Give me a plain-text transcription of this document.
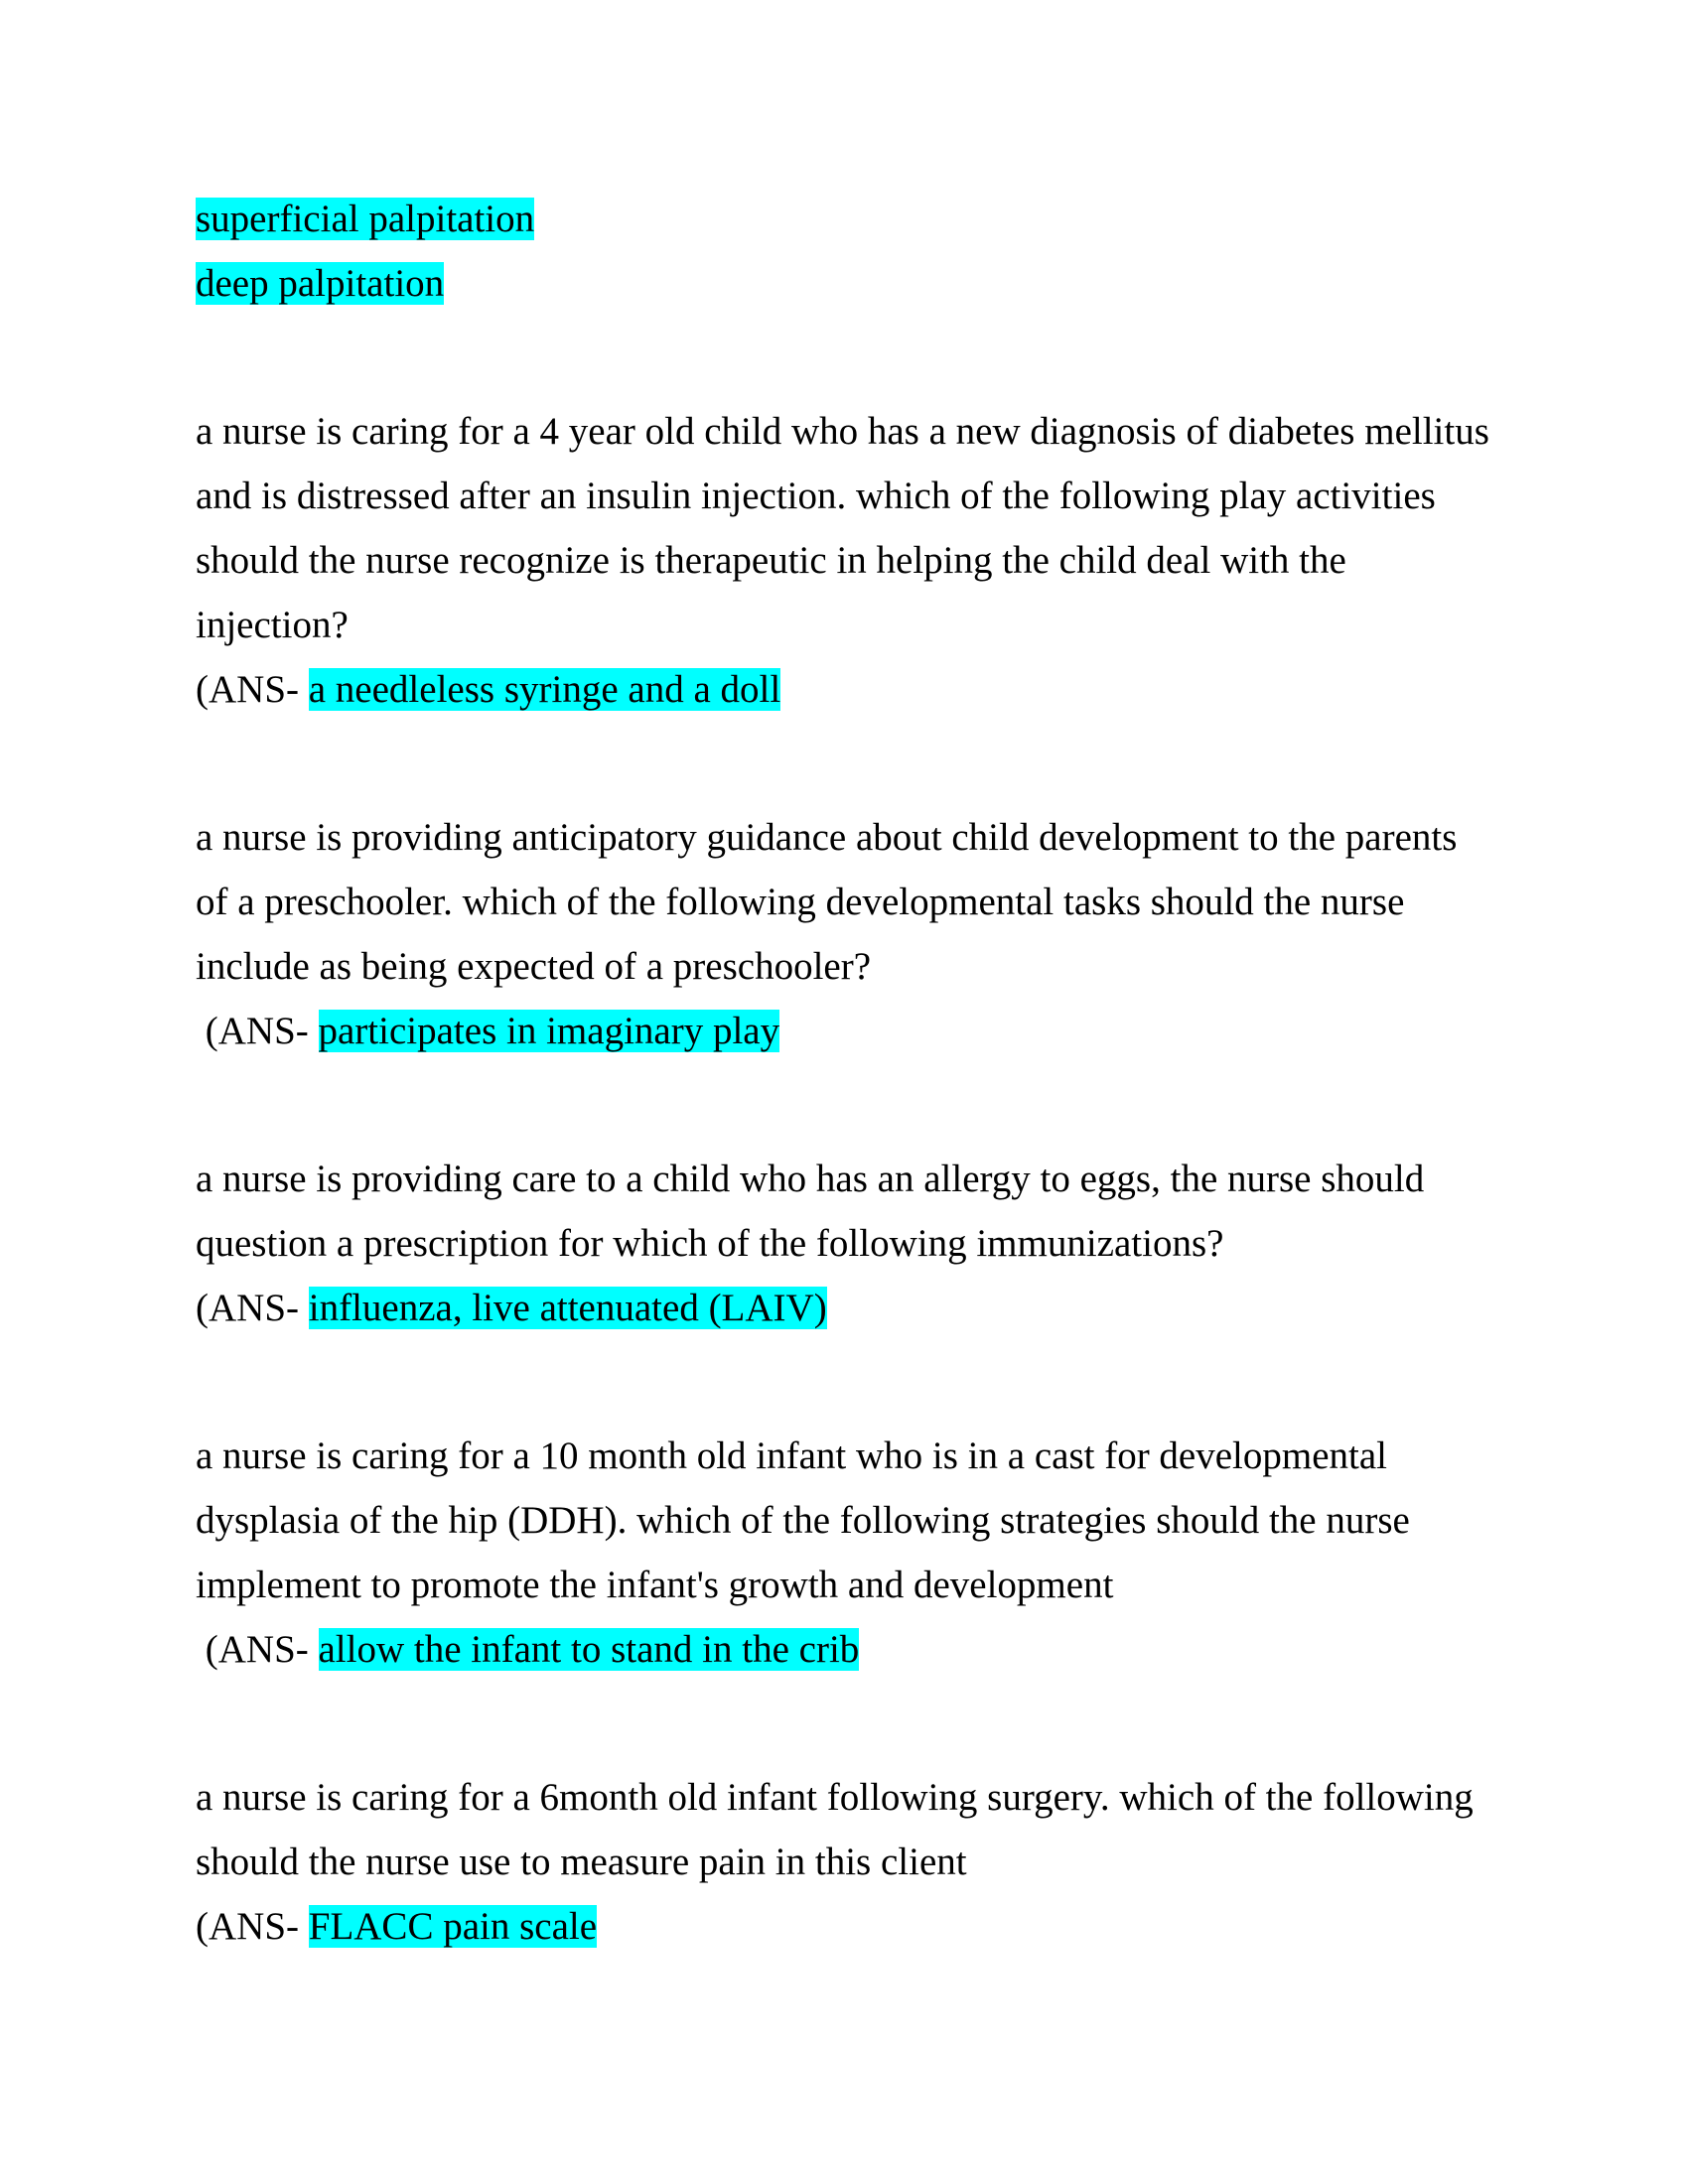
superficial palpitation
deep palpitation
a nurse is caring for a 4 year old child who has a new diagnosis of diabetes mellitus
and is distressed after an insulin injection. which of the following play activities
should the nurse recognize is therapeutic in helping the child deal with the
injection?
(ANS- a needleless syringe and a doll
a nurse is providing anticipatory guidance about child development to the parents
of a preschooler. which of the following developmental tasks should the nurse
include as being expected of a preschooler?
(ANS- participates in imaginary play
a nurse is providing care to a child who has an allergy to eggs, the nurse should
question a prescription for which of the following immunizations?
(ANS- influenza, live attenuated (LAIV)
a nurse is caring for a 10 month old infant who is in a cast for developmental
dysplasia of the hip (DDH). which of the following strategies should the nurse
implement to promote the infant's growth and development
(ANS- allow the infant to stand in the crib
a nurse is caring for a 6month old infant following surgery. which of the following
should the nurse use to measure pain in this client
(ANS- FLACC pain scale
